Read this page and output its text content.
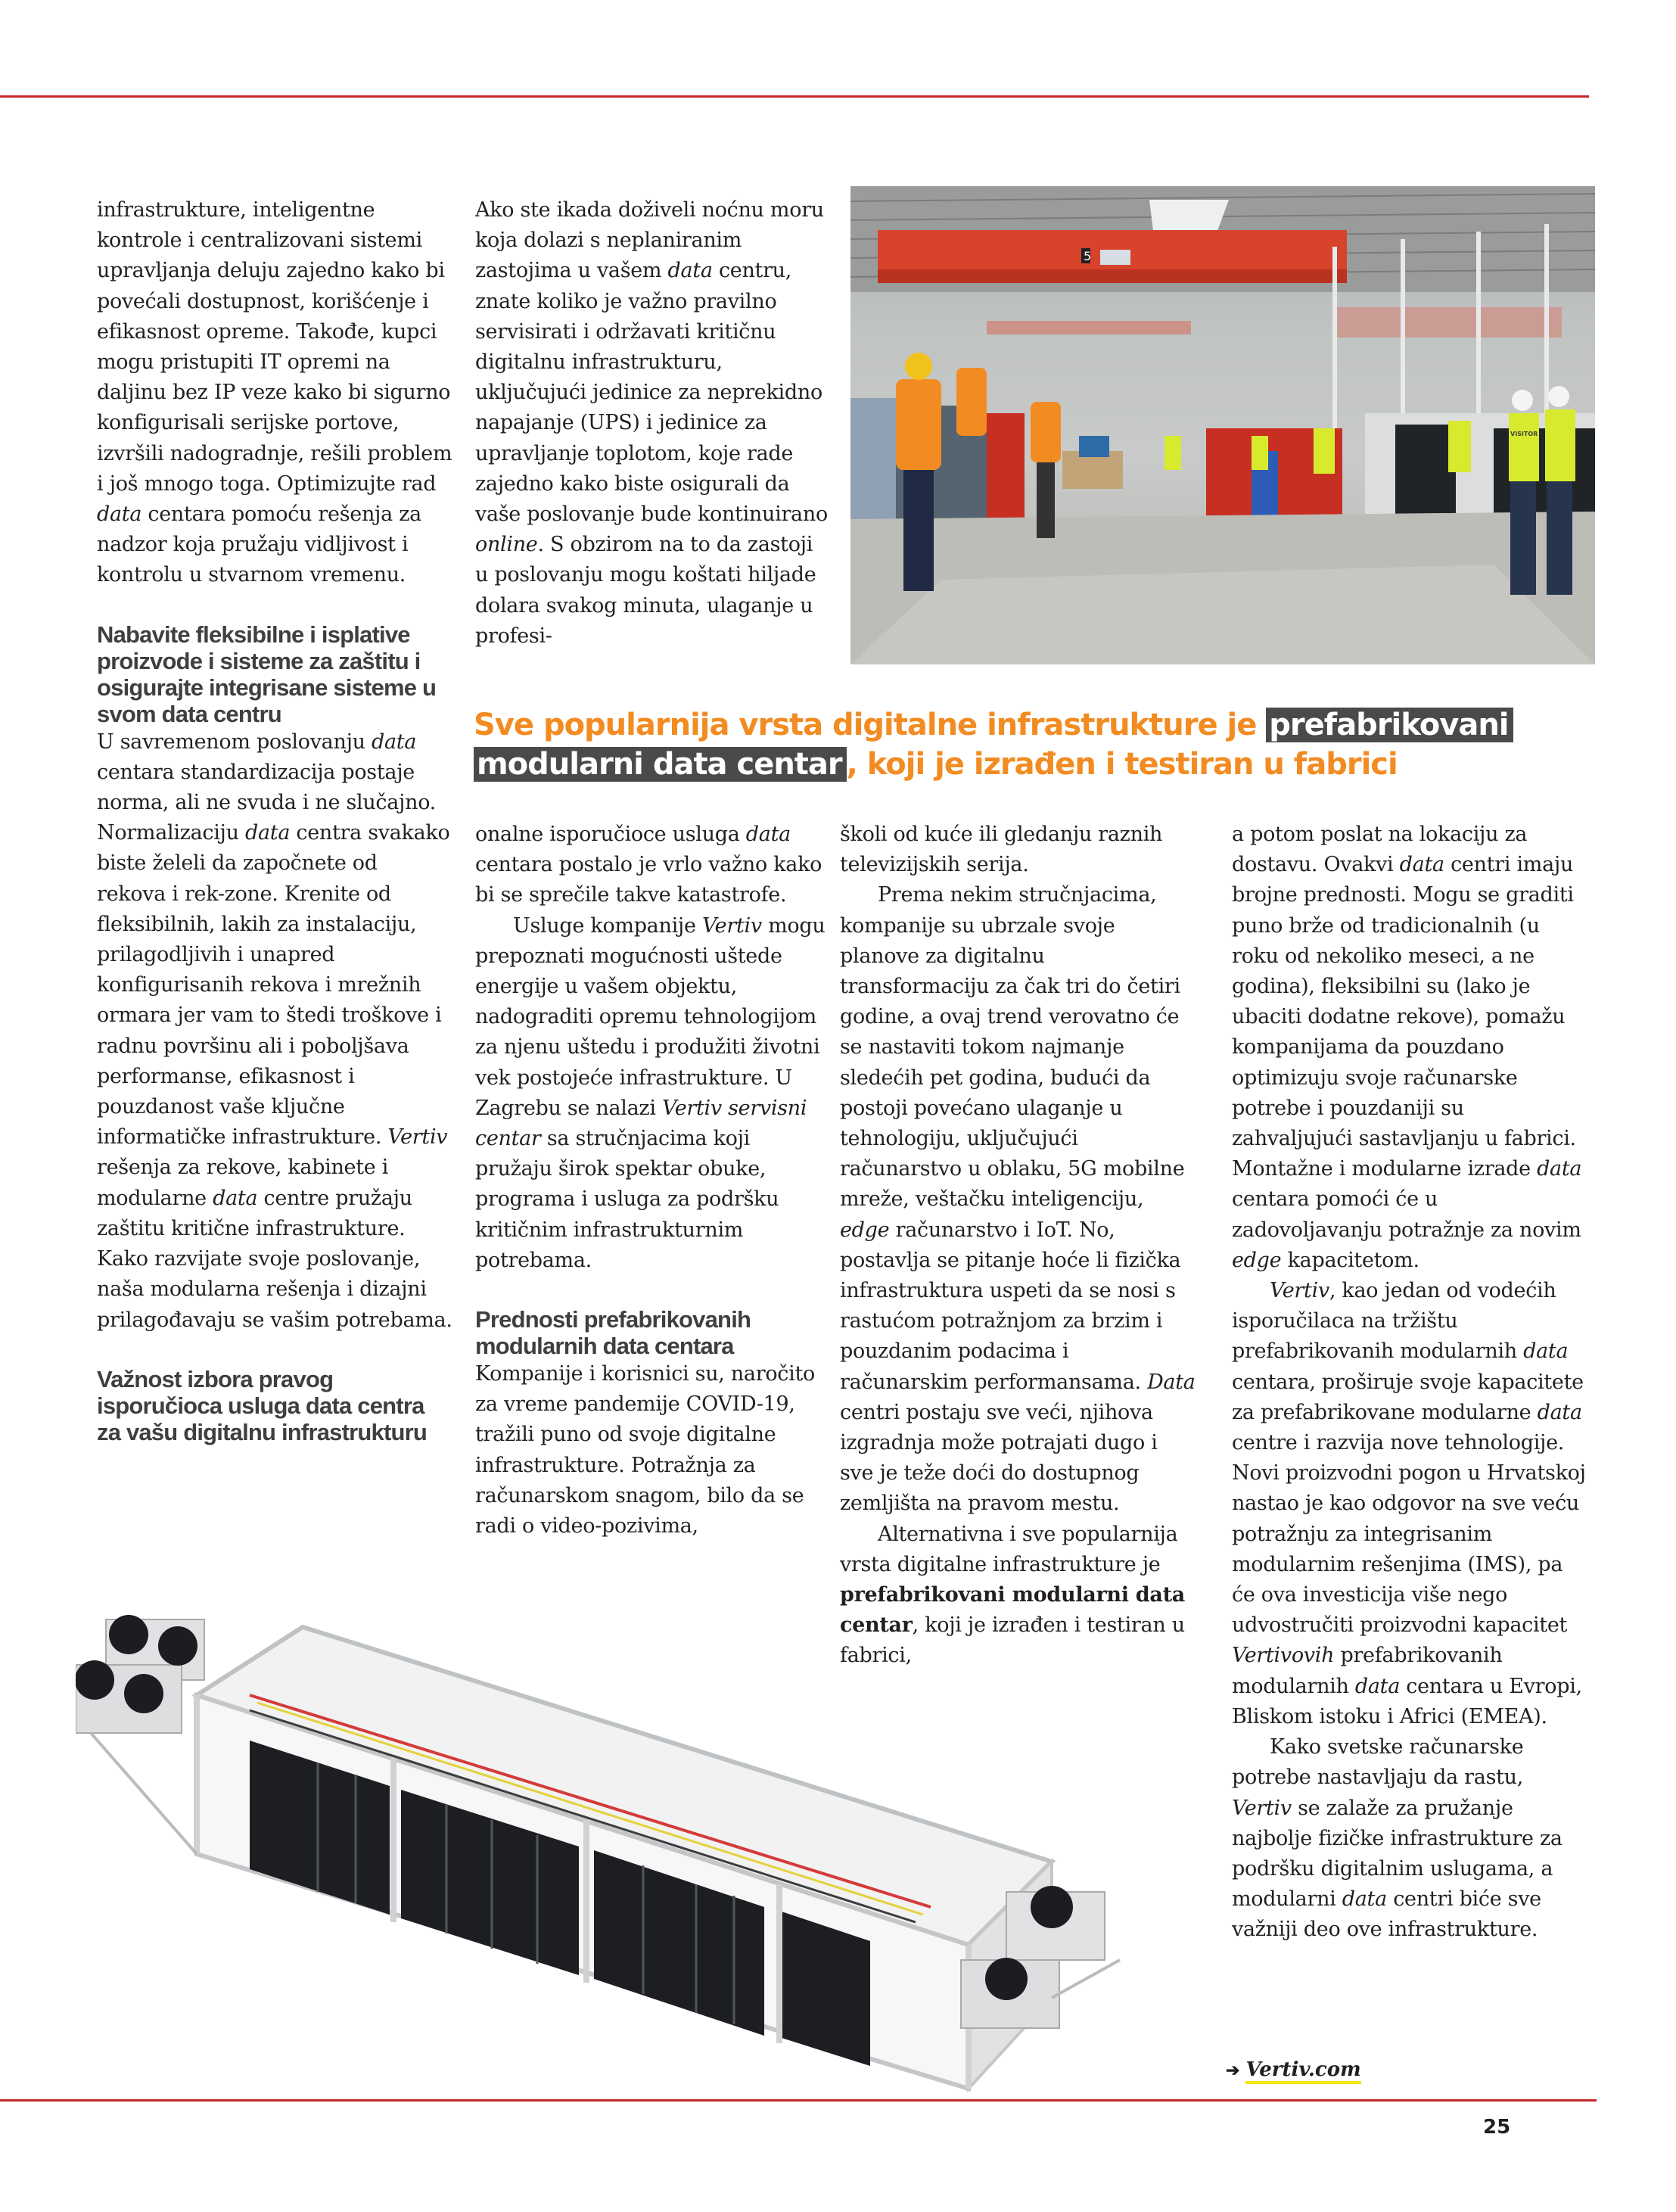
infrastrukture, inteligentne kontrole i centralizovani sistemi upravljanja deluju zajedno kako bi povećali dostupnost, korišćenje i efikasnost opreme. Takođe, kupci mogu pristupiti IT opremi na daljinu bez IP veze kako bi sigurno konfigurisali serijske portove, izvršili nadogradnje, rešili problem i još mnogo toga. Optimizujte rad data centara pomoću rešenja za nadzor koja pružaju vidljivost i kontrolu u stvarnom vremenu.

Nabavite fleksibilne i isplative proizvode i sisteme za zaštitu i osigurajte integrisane sisteme u svom data centru

U savremenom poslovanju data centara standardizacija postaje norma, ali ne svuda i ne slučajno. Normalizaciju data centra svakako biste želeli da započnete od rekova i rek-zone. Krenite od fleksibilnih, lakih za instalaciju, prilagodljivih i unapred konfigurisanih rekova i mrežnih ormara jer vam to štedi troškove i radnu površinu ali i poboljšava performanse, efikasnost i pouzdanost vaše ključne informatičke infrastrukture. Vertiv rešenja za rekove, kabinete i modularne data centre pružaju zaštitu kritične infrastrukture. Kako razvijate svoje poslovanje, naša modularna rešenja i dizajni prilagođavaju se vašim potrebama.

Važnost izbora pravog isporučioca usluga data centra za vašu digitalnu infrastrukturu

Ako ste ikada doživeli noćnu moru koja dolazi s neplaniranim zastojima u vašem data centru, znate koliko je važno pravilno servisirati i održavati kritičnu digitalnu infrastrukturu, uključujući jedinice za neprekidno napajanje (UPS) i jedinice za upravljanje toplotom, koje rade zajedno kako biste osigurali da vaše poslovanje bude kontinuirano online. S obzirom na to da zastoji u poslovanju mogu koštati hiljade dolara svakog minuta, ulaganje u profesi-

5
VISITOR
Sve popularnija vrsta digitalne infrastrukture je prefabrikovani
modularni data centar , koji je izrađen i testiran u fabrici

onalne isporučioce usluga data centara postalo je vrlo važno kako bi se sprečile takve katastrofe.

Usluge kompanije Vertiv mogu prepoznati mogućnosti uštede energije u vašem objektu, nadograditi opremu tehnologijom za njenu uštedu i produžiti životni vek postojeće infrastrukture. U Zagrebu se nalazi Vertiv servisni centar sa stručnjacima koji pružaju širok spektar obuke, programa i usluga za podršku kritičnim infrastrukturnim potrebama.

Prednosti prefabrikovanih modularnih data centara

Kompanije i korisnici su, naročito za vreme pandemije COVID-19, tražili puno od svoje digitalne infrastrukture. Potražnja za računarskom snagom, bilo da se radi o video-pozivima,

školi od kuće ili gledanju raznih televizijskih serija.

Prema nekim stručnjacima, kompanije su ubrzale svoje planove za digitalnu transformaciju za čak tri do četiri godine, a ovaj trend verovatno će se nastaviti tokom najmanje sledećih pet godina, budući da postoji povećano ulaganje u tehnologiju, uključujući računarstvo u oblaku, 5G mobilne mreže, veštačku inteligenciju, edge računarstvo i IoT. No, postavlja se pitanje hoće li fizička infrastruktura uspeti da se nosi s rastućom potražnjom za brzim i pouzdanim podacima i računarskim performansama. Data centri postaju sve veći, njihova izgradnja može potrajati dugo i sve je teže doći do dostupnog zemljišta na pravom mestu.

Alternativna i sve popularnija vrsta digitalne infrastrukture je prefabrikovani modularni data centar, koji je izrađen i testiran u fabrici,

a potom poslat na lokaciju za dostavu. Ovakvi data centri imaju brojne prednosti. Mogu se graditi puno brže od tradicionalnih (u roku od nekoliko meseci, a ne godina), fleksibilni su (lako je ubaciti dodatne rekove), pomažu kompanijama da pouzdano optimizuju svoje računarske potrebe i pouzdaniji su zahvaljujući sastavljanju u fabrici. Montažne i modularne izrade data centara pomoći će u zadovoljavanju potražnje za novim edge kapacitetom.

Vertiv, kao jedan od vodećih isporučilaca na tržištu prefabrikovanih modularnih data centara, proširuje svoje kapacitete za prefabrikovane modularne data centre i razvija nove tehnologije. Novi proizvodni pogon u Hrvatskoj nastao je kao odgovor na sve veću potražnju za integrisanim modularnim rešenjima (IMS), pa će ova investicija više nego udvostručiti proizvodni kapacitet Vertivovih prefabrikovanih modularnih data centara u Evropi, Bliskom istoku i Africi (EMEA).

Kako svetske računarske potrebe nastavljaju da rastu, Vertiv se zalaže za pružanje najbolje fizičke infrastrukture za podršku digitalnim uslugama, a modularni data centri biće sve važniji deo ove infrastrukture.

➔ Vertiv.com
25
